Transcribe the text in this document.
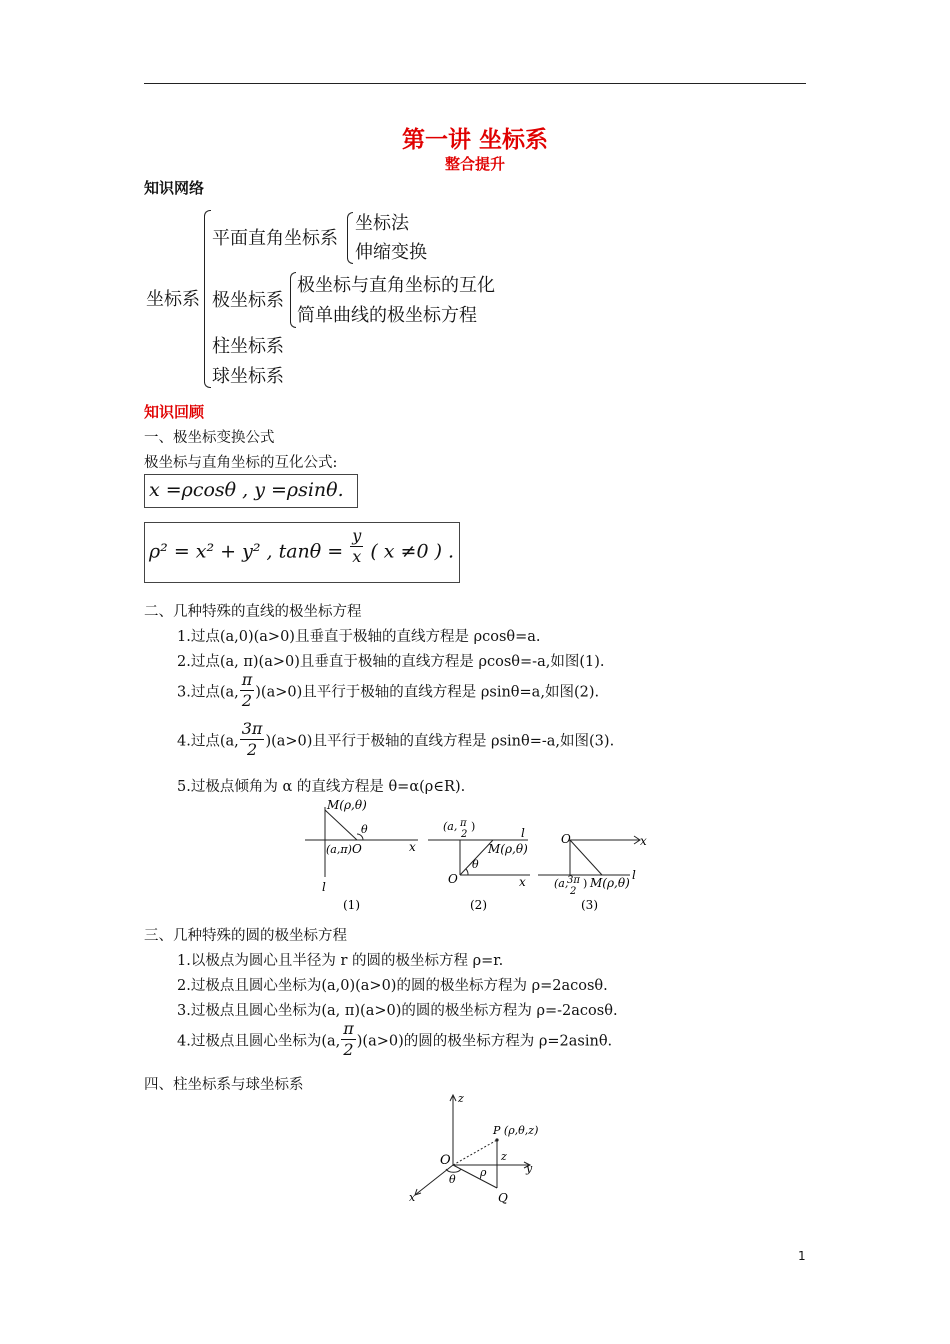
第一讲 坐标系
整合提升
知识网络
坐标系
平面直角坐标系
坐标法
伸缩变换
极坐标系
极坐标与直角坐标的互化
简单曲线的极坐标方程
柱坐标系
球坐标系
知识回顾
一、极坐标变换公式
极坐标与直角坐标的互化公式:
x =ρcosθ , y =ρsinθ.
ρ² = x² + y² , $\tan\theta = \frac{y}{x}$ ( x ≠0 ) .
二、几种特殊的直线的极坐标方程
1.过点(a,0)(a>0)且垂直于极轴的直线方程是 ρcosθ=a.
2.过点(a, π)(a>0)且垂直于极轴的直线方程是 ρcosθ=-a,如图(1).
3.过点(a, $\frac{\pi}{2} )(a>0)$且平行于极轴的直线方程是 ρsinθ=a,如图(2).
4.过点(a, $\frac{3\pi}{2} )(a>0)$且平行于极轴的直线方程是 ρsinθ=-a,如图(3).
5.过极点倾角为 α 的直线方程是 θ=α(ρ∈R).
M(ρ,θ)
θ
(a,π) O	x
l
(1)
(a, π
2
)	l
M(ρ,θ)
θ
O	x
(2)
O	x
(a,
3π
2
) M(ρ,θ)
l
(3)
三、几种特殊的圆的极坐标方程
1.以极点为圆心且半径为 r 的圆的极坐标方程 ρ=r.
2.过极点且圆心坐标为(a,0)(a>0)的圆的极坐标方程为 ρ=2acosθ.
3.过极点且圆心坐标为(a, π)(a>0)的圆的极坐标方程为 ρ=-2acosθ.
4.过极点且圆心坐标为(a, $\frac{\pi}{2} )(a>0)$的圆的极坐标方程为 ρ=2asinθ.
四、柱坐标系与球坐标系
z
P (ρ,θ,z)
O	z
ρ	y
θ
x	Q
1
